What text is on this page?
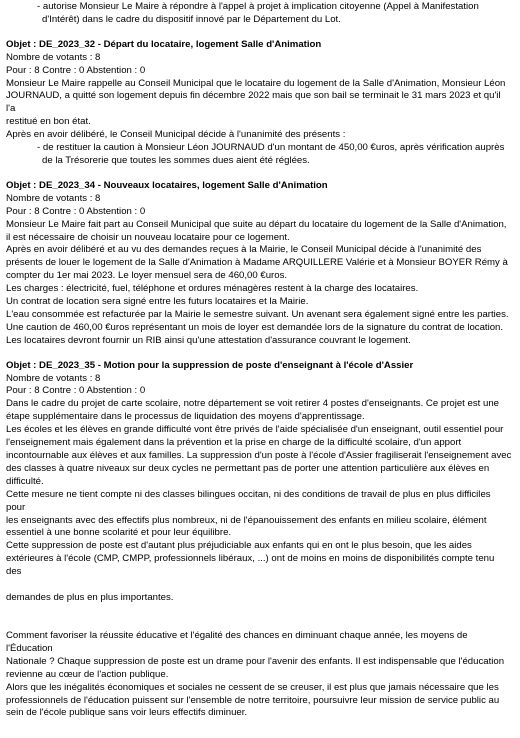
- autorise Monsieur Le Maire à répondre à l'appel à projet à implication citoyenne (Appel à Manifestation
d'Intérêt) dans le cadre du dispositif innové par le Département du Lot.

Objet : DE_2023_32 - Départ du locataire, logement Salle d'Animation

Nombre de votants : 8

Pour : 8 Contre : 0 Abstention : 0

Monsieur Le Maire rappelle au Conseil Municipal que le locataire du logement de la Salle d'Animation, Monsieur Léon
JOURNAUD, a quitté son logement depuis fin décembre 2022 mais que son bail se terminait le 31 mars 2023 et qu'il l'a
restitué en bon état.

Après en avoir délibéré, le Conseil Municipal décide à l'unanimité des présents :

- de restituer la caution à Monsieur Léon JOURNAUD d'un montant de 450,00 €uros, après vérification auprès
de la Trésorerie que toutes les sommes dues aient été réglées.

Objet : DE_2023_34 - Nouveaux locataires, logement Salle d'Animation

Nombre de votants : 8

Pour : 8 Contre : 0 Abstention : 0

Monsieur Le Maire fait part au Conseil Municipal que suite au départ du locataire du logement de la Salle d'Animation,
il est nécessaire de choisir un nouveau locataire pour ce logement.

Après en avoir délibéré et au vu des demandes reçues à la Mairie, le Conseil Municipal décide à l'unanimité des
présents de louer le logement de la Salle d'Animation à Madame ARQUILLERE Valérie et à Monsieur BOYER Rémy à
compter du 1er mai 2023. Le loyer mensuel sera de 460,00 €uros.

Les charges : électricité, fuel, téléphone et ordures ménagères restent à la charge des locataires.

Un contrat de location sera signé entre les futurs locataires et la Mairie.

L'eau consommée est refacturée par la Mairie le semestre suivant. Un avenant sera également signé entre les parties.

Une caution de 460,00 €uros représentant un mois de loyer est demandée lors de la signature du contrat de location.

Les locataires devront fournir un RIB ainsi qu'une attestation d'assurance couvrant le logement.

Objet : DE_2023_35 - Motion pour la suppression de poste d'enseignant à l'école d'Assier

Nombre de votants : 8

Pour : 8 Contre : 0 Abstention : 0

Dans le cadre du projet de carte scolaire, notre département se voit retirer 4 postes d'enseignants. Ce projet est une
étape supplémentaire dans le processus de liquidation des moyens d'apprentissage.

Les écoles et les élèves en grande difficulté vont être privés de l'aide spécialisée d'un enseignant, outil essentiel pour
l'enseignement mais également dans la prévention et la prise en charge de la difficulté scolaire, d'un apport
incontournable aux élèves et aux familles. La suppression d'un poste à l'école d'Assier fragiliserait l'enseignement avec
des classes à quatre niveaux sur deux cycles ne permettant pas de porter une attention particulière aux élèves en
difficulté.

Cette mesure ne tient compte ni des classes bilingues occitan, ni des conditions de travail de plus en plus difficiles pour
les enseignants avec des effectifs plus nombreux, ni de l'épanouissement des enfants en milieu scolaire, élément
essentiel à une bonne scolarité et pour leur équilibre.

Cette suppression de poste est d'autant plus préjudiciable aux enfants qui en ont le plus besoin, que les aides
extérieures à l'école (CMP, CMPP, professionnels libéraux, ...) ont de moins en moins de disponibilités compte tenu des

demandes de plus en plus importantes.

Comment favoriser la réussite éducative et l'égalité des chances en diminuant chaque année, les moyens de l'Éducation
Nationale ? Chaque suppression de poste est un drame pour l'avenir des enfants. Il est indispensable que l'éducation
revienne au cœur de l'action publique.

Alors que les inégalités économiques et sociales ne cessent de se creuser, il est plus que jamais nécessaire que les
professionnels de l'éducation puissent sur l'ensemble de notre territoire, poursuivre leur mission de service public au
sein de l'école publique sans voir leurs effectifs diminuer.
